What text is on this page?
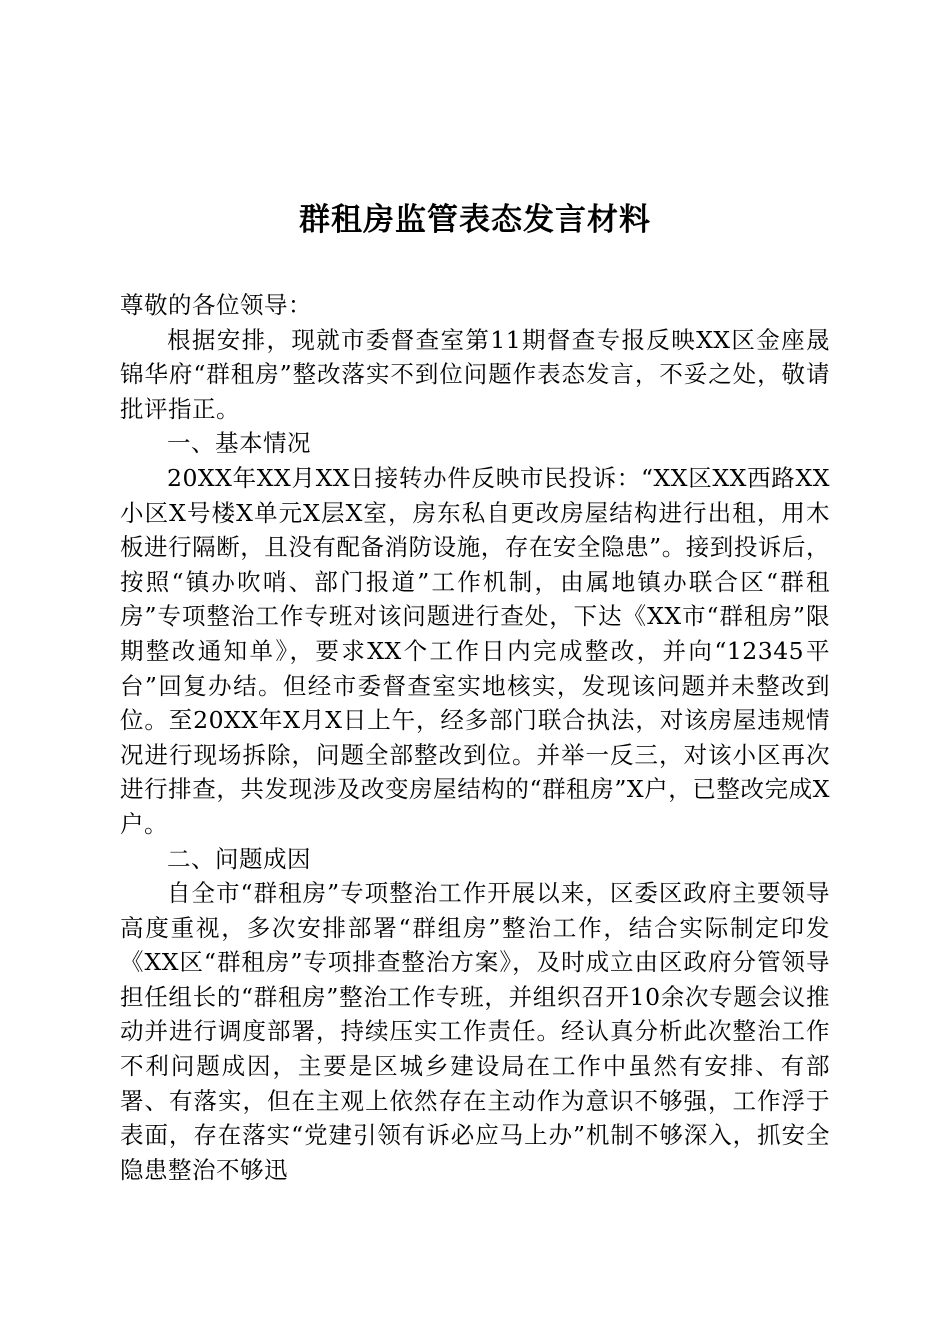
群租房监管表态发言材料

尊敬的各位领导：

根据安排，现就市委督查室第11期督查专报反映XX区金座晟锦华府“群租房”整改落实不到位问题作表态发言，不妥之处，敬请批评指正。

一、基本情况

20XX年XX月XX日接转办件反映市民投诉：“XX区XX西路XX小区X号楼X单元X层X室，房东私自更改房屋结构进行出租，用木板进行隔断，且没有配备消防设施，存在安全隐患”。接到投诉后，按照“镇办吹哨、部门报道”工作机制，由属地镇办联合区“群租房”专项整治工作专班对该问题进行查处，下达《XX市“群租房”限期整改通知单》，要求XX个工作日内完成整改，并向“12345平台”回复办结。但经市委督查室实地核实，发现该问题并未整改到位。至20XX年X月X日上午，经多部门联合执法，对该房屋违规情况进行现场拆除，问题全部整改到位。并举一反三，对该小区再次进行排查，共发现涉及改变房屋结构的“群租房”X户，已整改完成X户。

二、问题成因

自全市“群租房”专项整治工作开展以来，区委区政府主要领导高度重视，多次安排部署“群组房”整治工作，结合实际制定印发《XX区“群租房”专项排查整治方案》，及时成立由区政府分管领导担任组长的“群租房”整治工作专班，并组织召开10余次专题会议推动并进行调度部署，持续压实工作责任。经认真分析此次整治工作不利问题成因，主要是区城乡建设局在工作中虽然有安排、有部署、有落实，但在主观上依然存在主动作为意识不够强，工作浮于表面，存在落实“党建引领有诉必应马上办”机制不够深入，抓安全隐患整治不够迅
